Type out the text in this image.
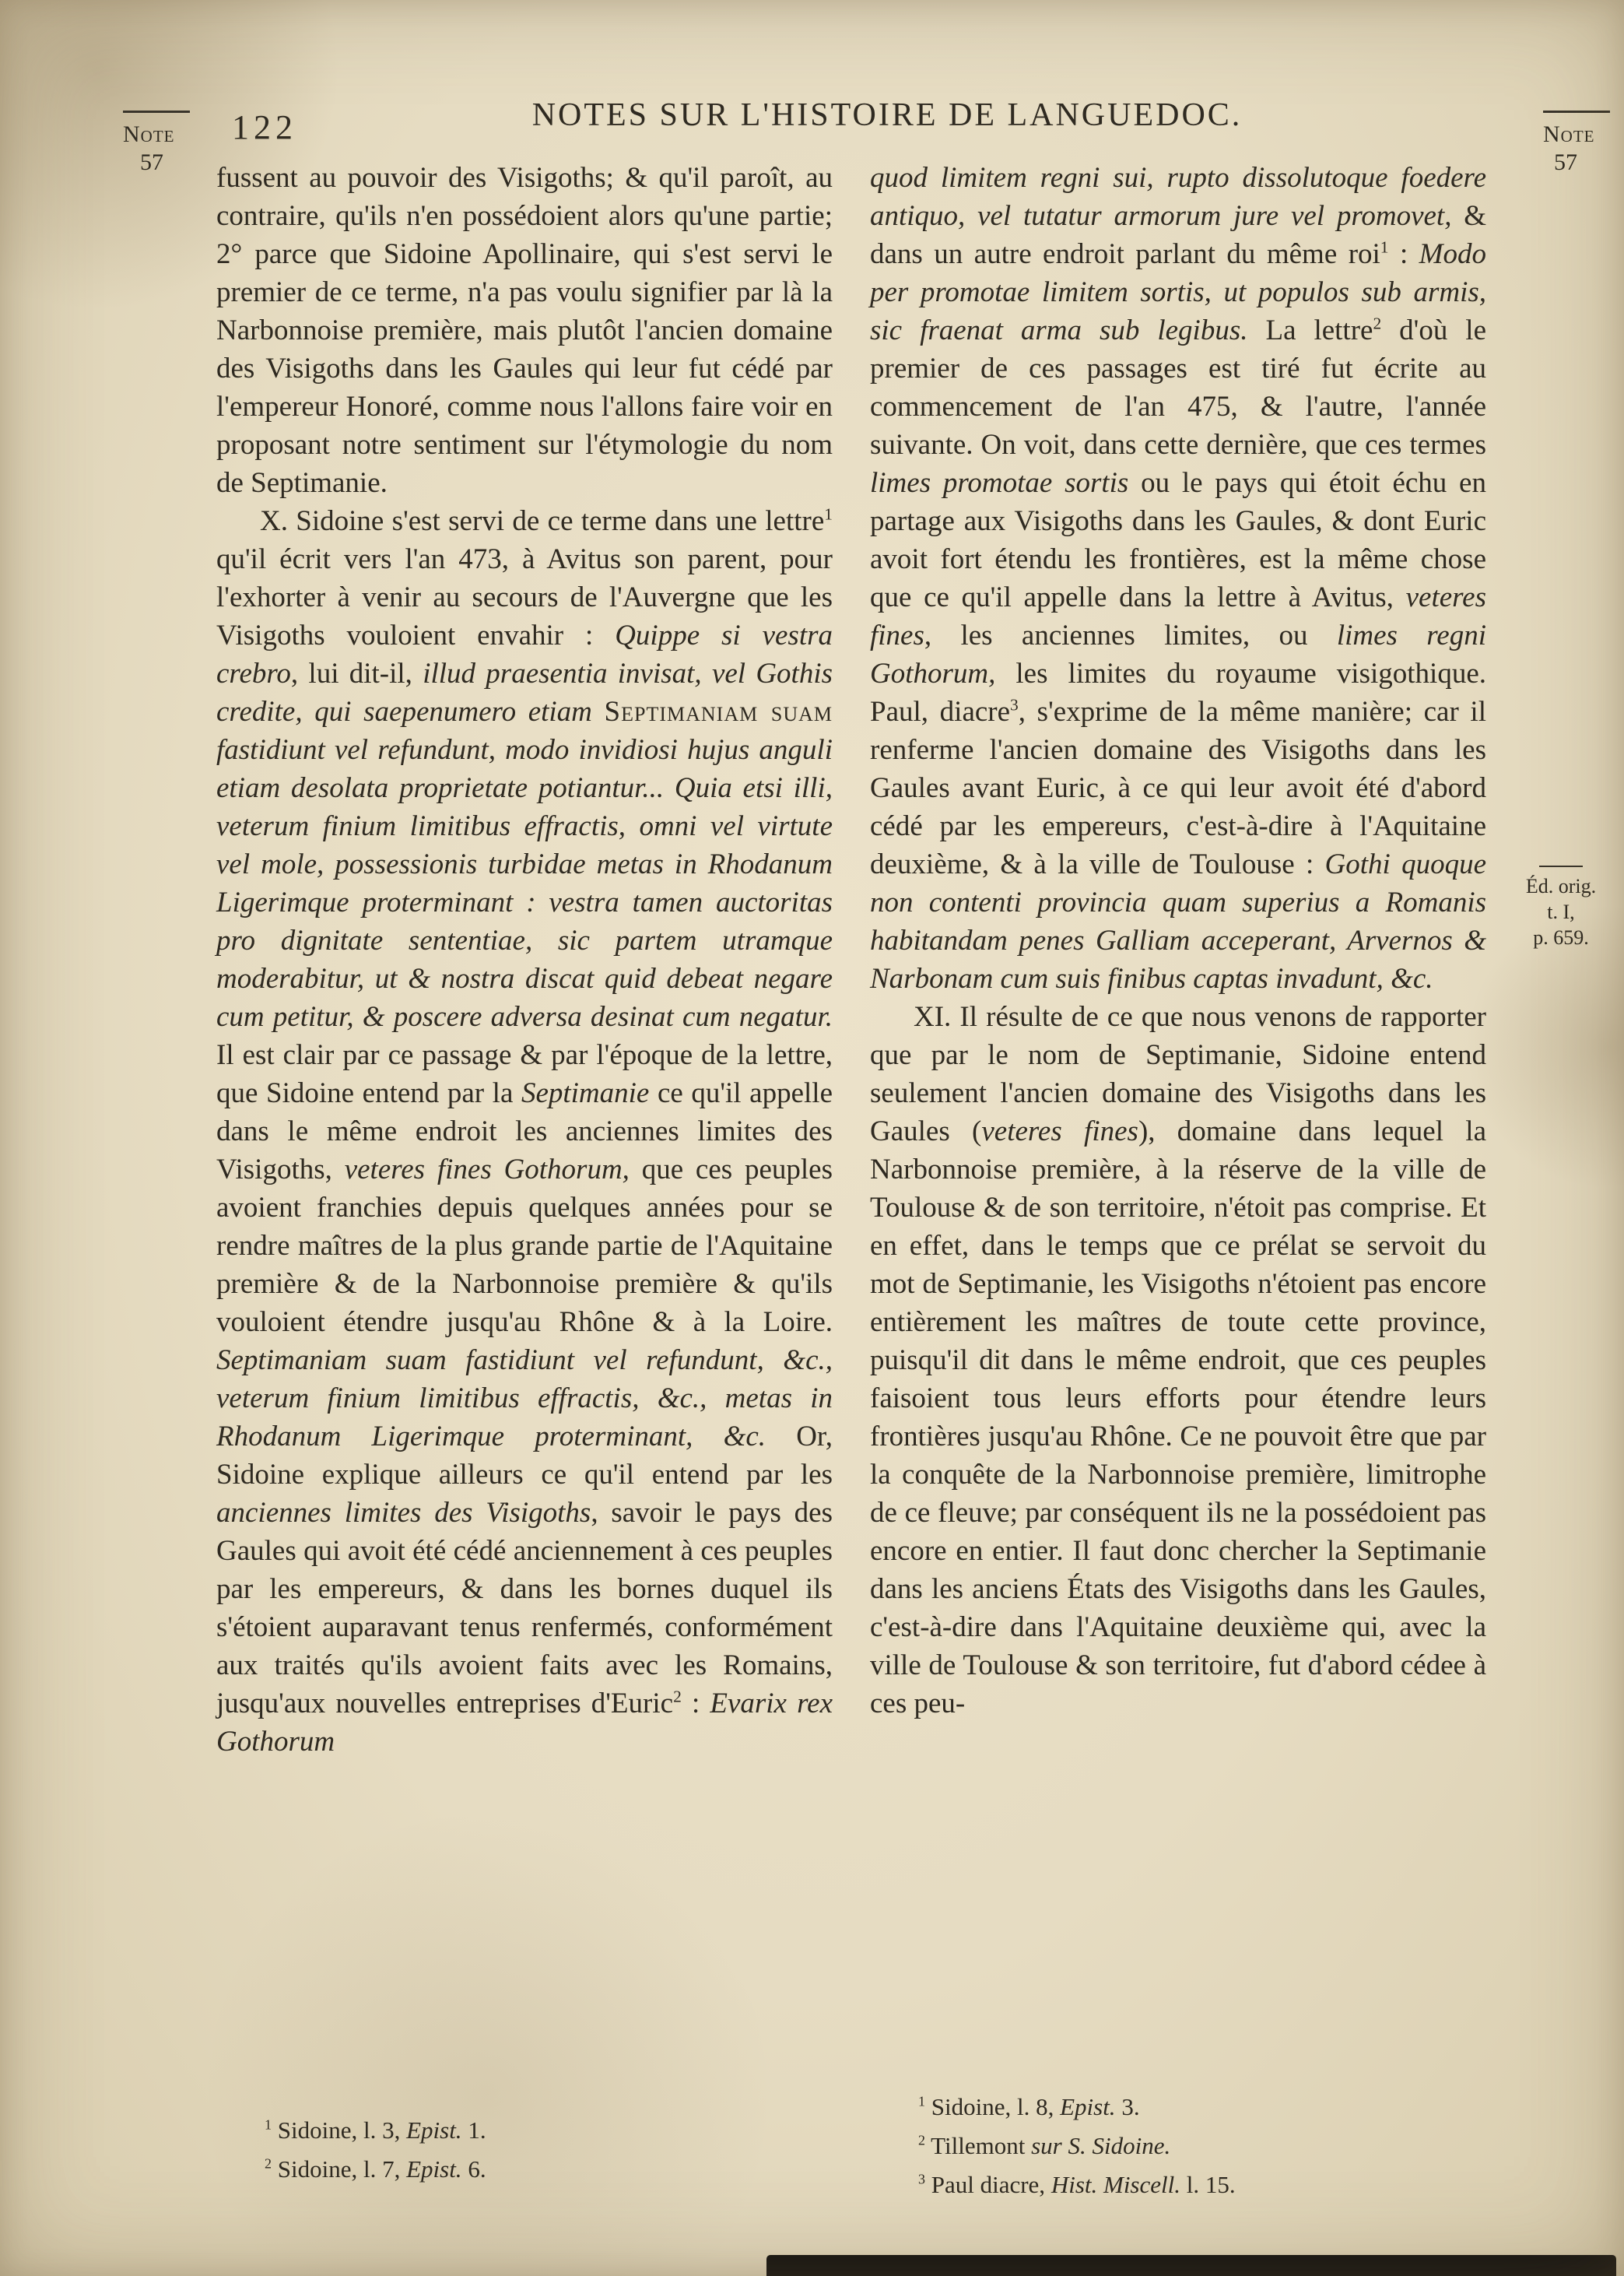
Note
57
122	NOTES SUR L'HISTOIRE DE LANGUEDOC.
Note
57

fussent au pouvoir des Visigoths; & qu'il paroît, au contraire, qu'ils n'en possédoient alors qu'une partie; 2° parce que Sidoine Apollinaire, qui s'est servi le premier de ce terme, n'a pas voulu signifier par là la Narbonnoise première, mais plutôt l'ancien domaine des Visigoths dans les Gaules qui leur fut cédé par l'empereur Honoré, comme nous l'allons faire voir en proposant notre sentiment sur l'étymologie du nom de Septimanie.

X. Sidoine s'est servi de ce terme dans une lettre$^1$ qu'il écrit vers l'an 473, à Avitus son parent, pour l'exhorter à venir au secours de l'Auvergne que les Visigoths vouloient envahir : Quippe si vestra crebro, lui dit-il, illud praesentia invisat, vel Gothis credite, qui saepenumero etiam Septimaniam suam fastidiunt vel refundunt, modo invidiosi hujus anguli etiam desolata proprietate potiantur... Quia etsi illi, veterum finium limitibus effractis, omni vel virtute vel mole, possessionis turbidae metas in Rhodanum Ligerimque proterminant : vestra tamen auctoritas pro dignitate sententiae, sic partem utramque moderabitur, ut & nostra discat quid debeat negare cum petitur, & poscere adversa desinat cum negatur. Il est clair par ce passage & par l'époque de la lettre, que Sidoine entend par la Septimanie ce qu'il appelle dans le même endroit les anciennes limites des Visigoths, veteres fines Gothorum, que ces peuples avoient franchies depuis quelques années pour se rendre maîtres de la plus grande partie de l'Aquitaine première & de la Narbonnoise première & qu'ils vouloient étendre jusqu'au Rhône & à la Loire. Septimaniam suam fastidiunt vel refundunt, &c., veterum finium limitibus effractis, &c., metas in Rhodanum Ligerimque proterminant, &c. Or, Sidoine explique ailleurs ce qu'il entend par les anciennes limites des Visigoths, savoir le pays des Gaules qui avoit été cédé anciennement à ces peuples par les empereurs, & dans les bornes duquel ils s'étoient auparavant tenus renfermés, conformément aux traités qu'ils avoient faits avec les Romains, jusqu'aux nouvelles entreprises d'Euric$^2$ : Evarix rex Gothorum

quod limitem regni sui, rupto dissolutoque foedere antiquo, vel tutatur armorum jure vel promovet, & dans un autre endroit parlant du même roi$^1$ : Modo per promotae limitem sortis, ut populos sub armis, sic fraenat arma sub legibus. La lettre$^2$ d'où le premier de ces passages est tiré fut écrite au commencement de l'an 475, & l'autre, l'année suivante. On voit, dans cette dernière, que ces termes limes promotae sortis ou le pays qui étoit échu en partage aux Visigoths dans les Gaules, & dont Euric avoit fort étendu les frontières, est la même chose que ce qu'il appelle dans la lettre à Avitus, veteres fines, les anciennes limites, ou limes regni Gothorum, les limites du royaume visigothique. Paul, diacre$^3$, s'exprime de la même manière; car il renferme l'ancien domaine des Visigoths dans les Gaules avant Euric, à ce qui leur avoit été d'abord cédé par les empereurs, c'est-à-dire à l'Aquitaine deuxième, & à la ville de Toulouse : Gothi quoque non contenti provincia quam superius a Romanis habitandam penes Galliam acceperant, Arvernos & Narbonam cum suis finibus captas invadunt, &c.

XI. Il résulte de ce que nous venons de rapporter que par le nom de Septimanie, Sidoine entend seulement l'ancien domaine des Visigoths dans les Gaules (veteres fines), domaine dans lequel la Narbonnoise première, à la réserve de la ville de Toulouse & de son territoire, n'étoit pas comprise. Et en effet, dans le temps que ce prélat se servoit du mot de Septimanie, les Visigoths n'étoient pas encore entièrement les maîtres de toute cette province, puisqu'il dit dans le même endroit, que ces peuples faisoient tous leurs efforts pour étendre leurs frontières jusqu'au Rhône. Ce ne pouvoit être que par la conquête de la Narbonnoise première, limitrophe de ce fleuve; par conséquent ils ne la possédoient pas encore en entier. Il faut donc chercher la Septimanie dans les anciens États des Visigoths dans les Gaules, c'est-à-dire dans l'Aquitaine deuxième qui, avec la ville de Toulouse & son territoire, fut d'abord cédee à ces peu-

Éd. orig.
t. I,
p. 659.

$^1$ Sidoine, l. 3, Epist. 1.

$^2$ Sidoine, l. 7, Epist. 6.

$^1$ Sidoine, l. 8, Epist. 3.

$^2$ Tillemont sur S. Sidoine.

$^3$ Paul diacre, Hist. Miscell. l. 15.
